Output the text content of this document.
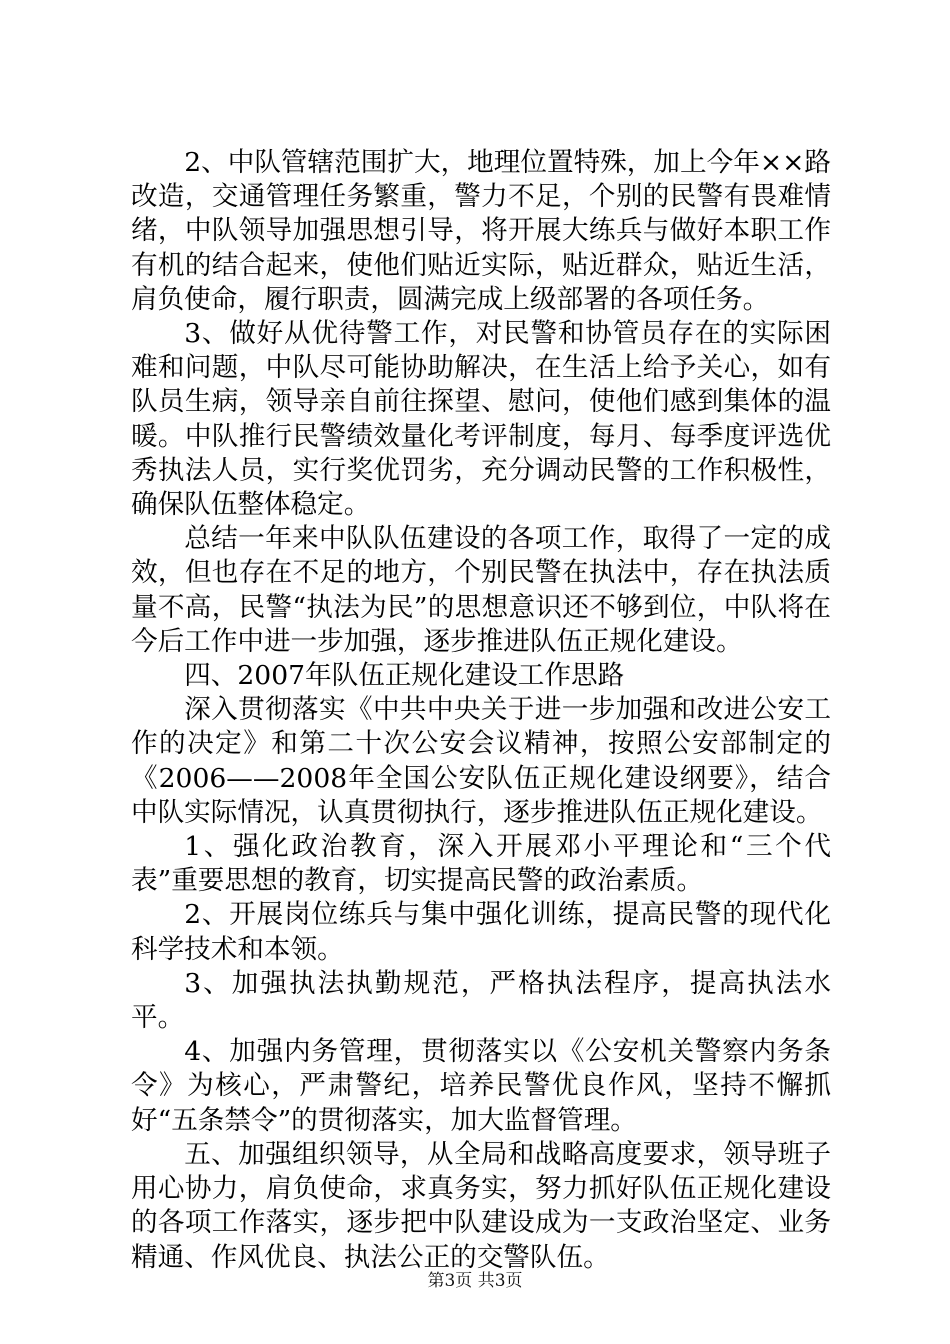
2、中队管辖范围扩大，地理位置特殊，加上今年××路改造，交通管理任务繁重，警力不足，个别的民警有畏难情绪，中队领导加强思想引导，将开展大练兵与做好本职工作有机的结合起来，使他们贴近实际，贴近群众，贴近生活，肩负使命，履行职责，圆满完成上级部署的各项任务。

3、做好从优待警工作，对民警和协管员存在的实际困难和问题，中队尽可能协助解决，在生活上给予关心，如有队员生病，领导亲自前往探望、慰问，使他们感到集体的温暖。中队推行民警绩效量化考评制度，每月、每季度评选优秀执法人员，实行奖优罚劣，充分调动民警的工作积极性，确保队伍整体稳定。

总结一年来中队队伍建设的各项工作，取得了一定的成效，但也存在不足的地方，个别民警在执法中，存在执法质量不高，民警“执法为民”的思想意识还不够到位，中队将在今后工作中进一步加强，逐步推进队伍正规化建设。

四、2007年队伍正规化建设工作思路

深入贯彻落实《中共中央关于进一步加强和改进公安工作的决定》和第二十次公安会议精神，按照公安部制定的《2006——2008年全国公安队伍正规化建设纲要》，结合中队实际情况，认真贯彻执行，逐步推进队伍正规化建设。

1、强化政治教育，深入开展邓小平理论和“三个代表”重要思想的教育，切实提高民警的政治素质。

2、开展岗位练兵与集中强化训练，提高民警的现代化科学技术和本领。

3、加强执法执勤规范，严格执法程序，提高执法水平。

4、加强内务管理，贯彻落实以《公安机关警察内务条令》为核心，严肃警纪，培养民警优良作风，坚持不懈抓好“五条禁令”的贯彻落实，加大监督管理。

五、加强组织领导，从全局和战略高度要求，领导班子用心协力，肩负使命，求真务实，努力抓好队伍正规化建设的各项工作落实，逐步把中队建设成为一支政治坚定、业务精通、作风优良、执法公正的交警队伍。

第3页 共3页
